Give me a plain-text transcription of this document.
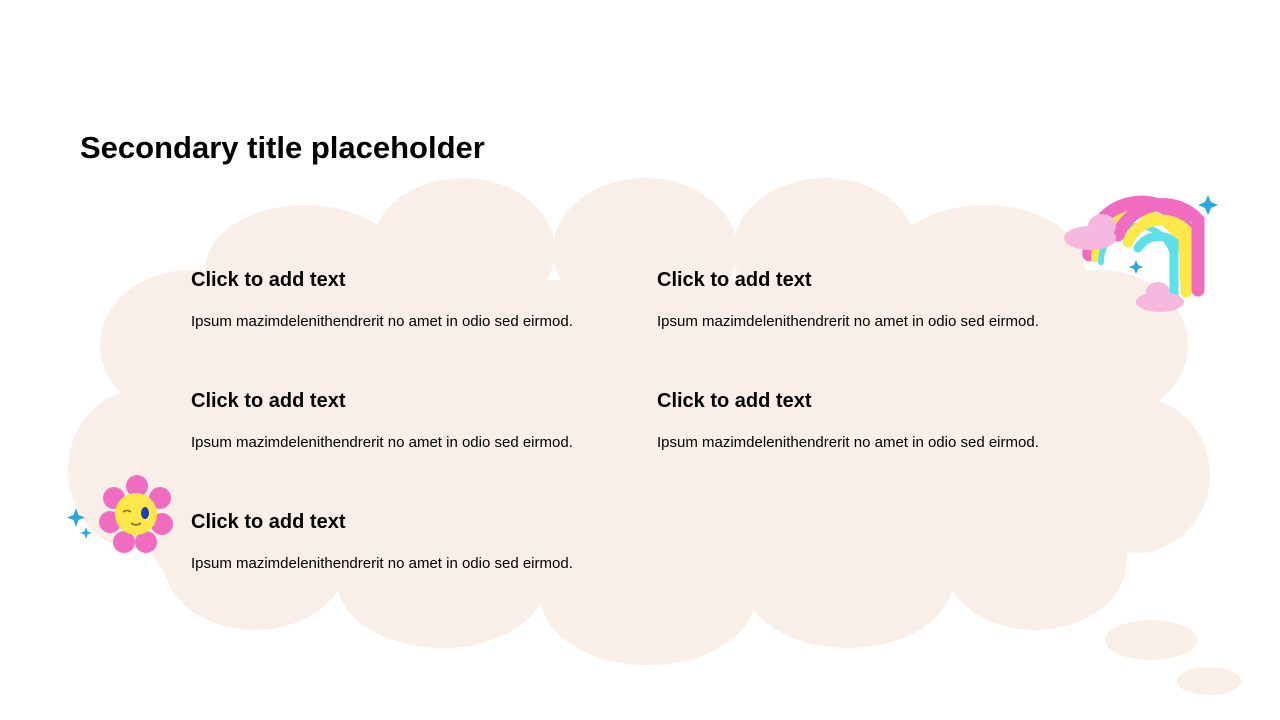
Secondary title placeholder

Click to add text

Ipsum mazimdelenithendrerit no amet in odio sed eirmod.

Click to add text

Ipsum mazimdelenithendrerit no amet in odio sed eirmod.

Click to add text

Ipsum mazimdelenithendrerit no amet in odio sed eirmod.

Click to add text

Ipsum mazimdelenithendrerit no amet in odio sed eirmod.

Click to add text

Ipsum mazimdelenithendrerit no amet in odio sed eirmod.
